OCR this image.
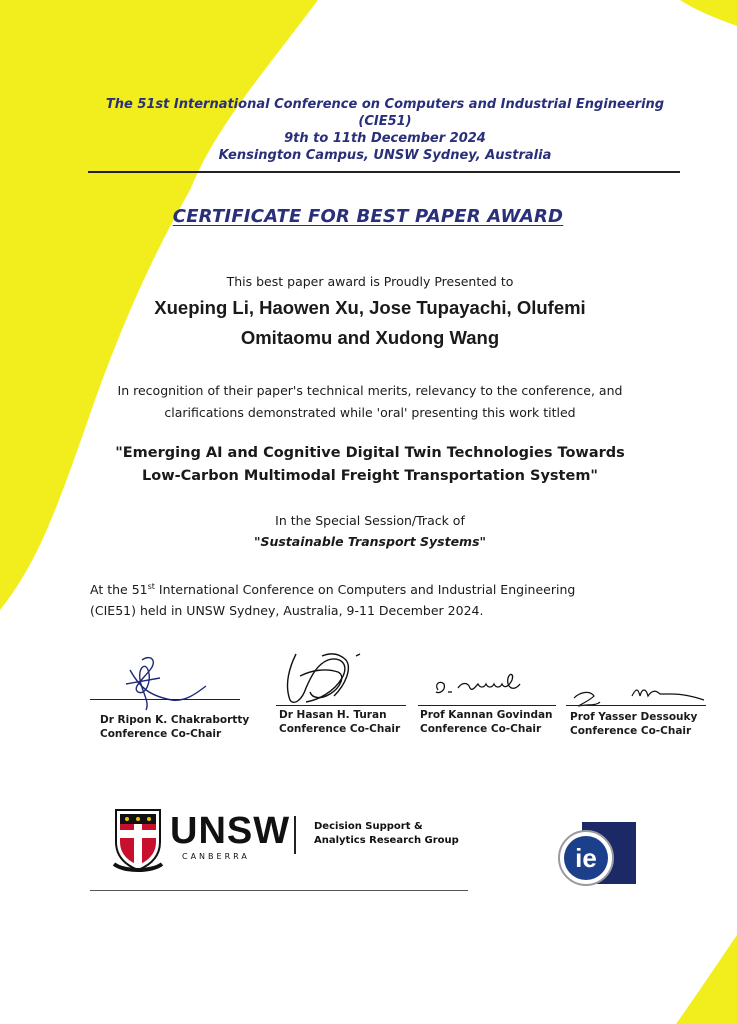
The 51st International Conference on Computers and Industrial Engineering
(CIE51)
9th to 11th December 2024
Kensington Campus, UNSW Sydney, Australia
CERTIFICATE FOR BEST PAPER AWARD
This best paper award is Proudly Presented to
Xueping Li, Haowen Xu, Jose Tupayachi, Olufemi
Omitaomu and Xudong Wang
In recognition of their paper's technical merits, relevancy to the conference, and
clarifications demonstrated while 'oral' presenting this work titled
"Emerging AI and Cognitive Digital Twin Technologies Towards
Low-Carbon Multimodal Freight Transportation System"
In the Special Session/Track of
"Sustainable Transport Systems"
At the 51st International Conference on Computers and Industrial Engineering
(CIE51) held in UNSW Sydney, Australia, 9-11 December 2024.
Dr Ripon K. Chakrabortty
Conference Co-Chair
Dr Hasan H. Turan
Conference Co-Chair
Prof Kannan Govindan
Conference Co-Chair
Prof Yasser Dessouky
Conference Co-Chair
UNSW
CANBERRA
Decision Support &
Analytics Research Group
ie
